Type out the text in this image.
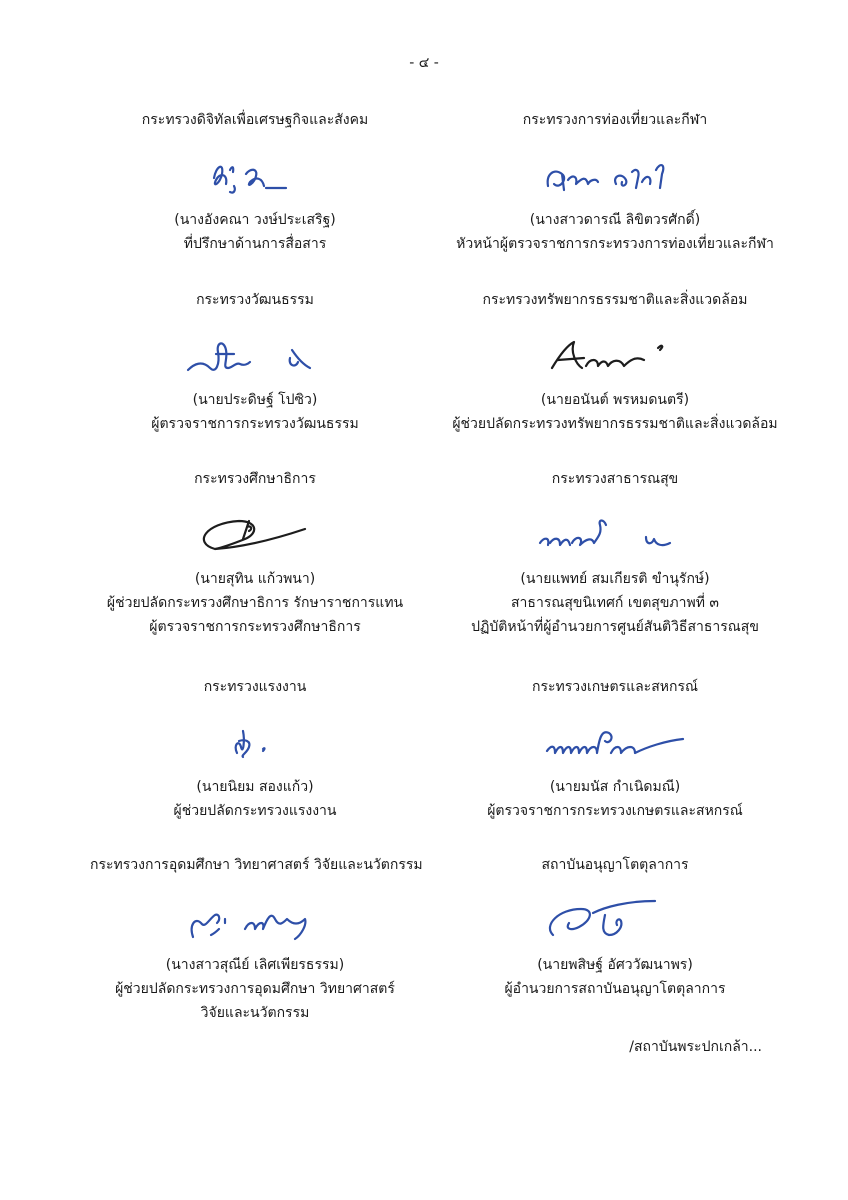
- ๔ -
กระทรวงดิจิทัลเพื่อเศรษฐกิจและสังคม
(นางอังคณา วงษ์ประเสริฐ)
ที่ปรึกษาด้านการสื่อสาร
กระทรวงการท่องเที่ยวและกีฬา
(นางสาวดารณี ลิขิตวรศักดิ์)
หัวหน้าผู้ตรวจราชการกระทรวงการท่องเที่ยวและกีฬา
กระทรวงวัฒนธรรม
(นายประดิษฐ์ โปซิว)
ผู้ตรวจราชการกระทรวงวัฒนธรรม
กระทรวงทรัพยากรธรรมชาติและสิ่งแวดล้อม
(นายอนันต์ พรหมดนตรี)
ผู้ช่วยปลัดกระทรวงทรัพยากรธรรมชาติและสิ่งแวดล้อม
กระทรวงศึกษาธิการ
(นายสุทิน แก้วพนา)
ผู้ช่วยปลัดกระทรวงศึกษาธิการ รักษาราชการแทน
ผู้ตรวจราชการกระทรวงศึกษาธิการ
กระทรวงสาธารณสุข
(นายแพทย์ สมเกียรติ ขำนุรักษ์)
สาธารณสุขนิเทศก์ เขตสุขภาพที่ ๓
ปฏิบัติหน้าที่ผู้อำนวยการศูนย์สันติวิธีสาธารณสุข
กระทรวงแรงงาน
(นายนิยม สองแก้ว)
ผู้ช่วยปลัดกระทรวงแรงงาน
กระทรวงเกษตรและสหกรณ์
(นายมนัส กำเนิดมณี)
ผู้ตรวจราชการกระทรวงเกษตรและสหกรณ์
กระทรวงการอุดมศึกษา วิทยาศาสตร์ วิจัยและนวัตกรรม
(นางสาวสุณีย์ เลิศเพียรธรรม)
ผู้ช่วยปลัดกระทรวงการอุดมศึกษา วิทยาศาสตร์
วิจัยและนวัตกรรม
สถาบันอนุญาโตตุลาการ
(นายพสิษฐ์ อัศววัฒนาพร)
ผู้อำนวยการสถาบันอนุญาโตตุลาการ
/สถาบันพระปกเกล้า...
